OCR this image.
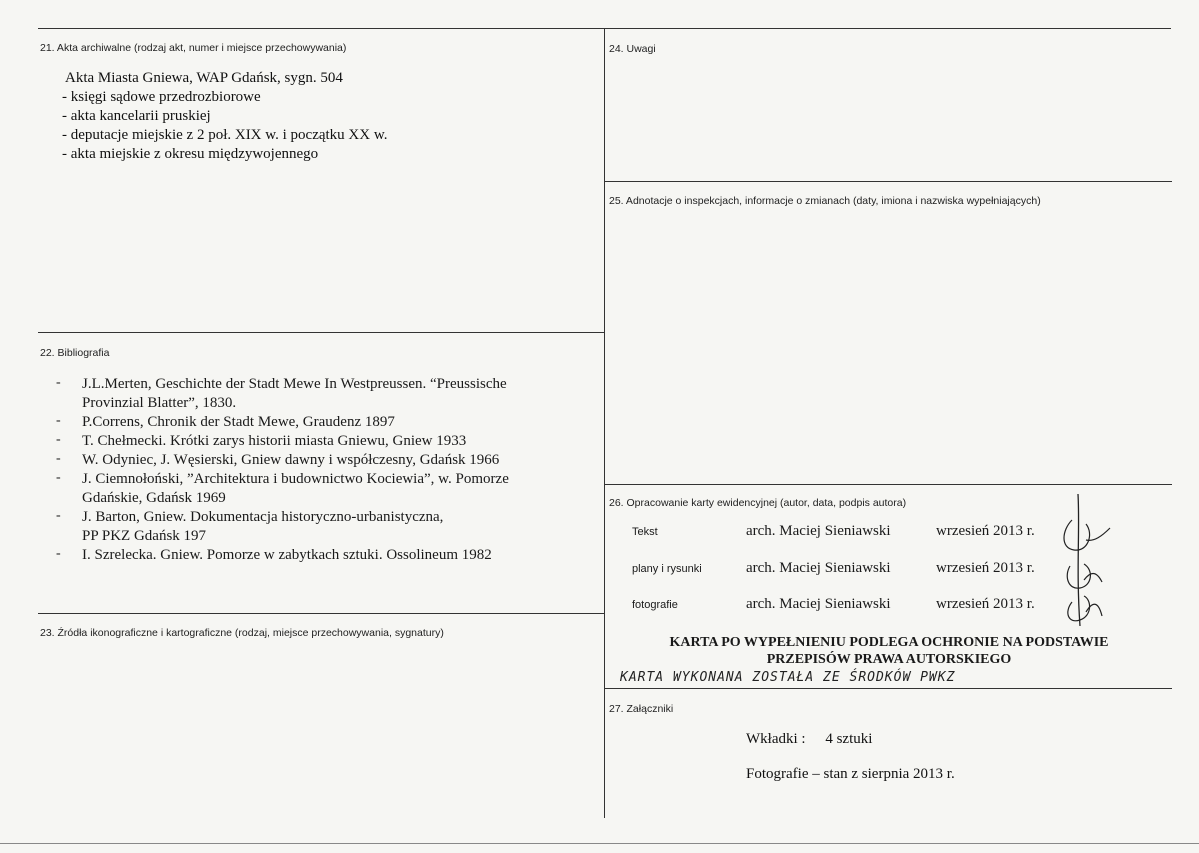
21. Akta archiwalne (rodzaj akt, numer i miejsce przechowywania)
Akta Miasta Gniewa, WAP Gdańsk, sygn. 504
- księgi sądowe przedrozbiorowe
- akta kancelarii pruskiej
- deputacje miejskie z 2 poł. XIX w. i początku XX w.
- akta miejskie z okresu międzywojennego
22. Bibliografia
-	J.L.Merten, Geschichte der Stadt Mewe In Westpreussen. “Preussische
Provinzial Blatter”, 1830.
-	P.Correns, Chronik der Stadt Mewe, Graudenz 1897
-	T. Chełmecki. Krótki zarys historii miasta Gniewu, Gniew 1933
-	W. Odyniec, J. Węsierski, Gniew dawny i współczesny, Gdańsk 1966
-	J. Ciemnołoński, ”Architektura i budownictwo Kociewia”, w. Pomorze
Gdańskie, Gdańsk 1969
-	J. Barton, Gniew. Dokumentacja historyczno-urbanistyczna,
PP PKZ Gdańsk 197
-	I. Szrelecka. Gniew. Pomorze w zabytkach sztuki. Ossolineum 1982
23. Źródła ikonograficzne i kartograficzne (rodzaj, miejsce przechowywania, sygnatury)
24. Uwagi
25. Adnotacje o inspekcjach, informacje o zmianach (daty, imiona i nazwiska wypełniających)
26. Opracowanie karty ewidencyjnej (autor, data, podpis autora)
Tekst	arch. Maciej Sieniawski	wrzesień 2013 r.
plany i rysunki	arch. Maciej Sieniawski	wrzesień 2013 r.
fotografie	arch. Maciej Sieniawski	wrzesień 2013 r.
KARTA PO WYPEŁNIENIU PODLEGA OCHRONIE NA PODSTAWIE
PRZEPISÓW PRAWA AUTORSKIEGO
KARTA WYKONANA ZOSTAŁA ZE ŚRODKÓW PWKZ
27. Załączniki
Wkładki : 4 sztuki
Fotografie – stan z sierpnia 2013 r.
